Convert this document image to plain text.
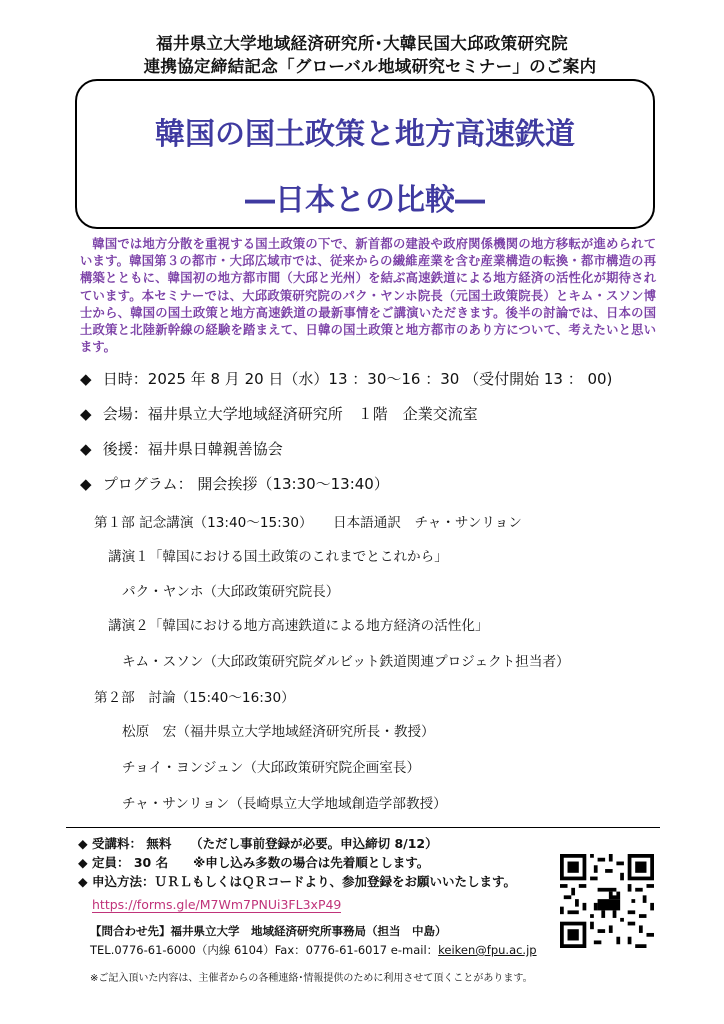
福井県立大学地域経済研究所･大韓民国大邱政策研究院
連携協定締結記念「グローバル地域研究セミナー」のご案内
韓国の国土政策と地方高速鉄道
―日本との比較―
韓国では地方分散を重視する国土政策の下で、新首都の建設や政府関係機関の地方移転が進められています。韓国第３の都市・大邱広域市では、従来からの繊維産業を含む産業構造の転換・都市構造の再構築とともに、韓国初の地方都市間（大邱と光州）を結ぶ高速鉄道による地方経済の活性化が期待されています。本セミナーでは、大邱政策研究院のパク・ヤンホ院長（元国土政策院長）とキム・スソン博士から、韓国の国土政策と地方高速鉄道の最新事情をご講演いただきます。後半の討論では、日本の国土政策と北陸新幹線の経験を踏まえて、日韓の国土政策と地方都市のあり方について、考えたいと思います。
◆ 日時：2025 年 8 月 20 日（水）13 ：30～16 ：30 （受付開始 13 ： 00)
◆ 会場：福井県立大学地域経済研究所　１階　企業交流室
◆ 後援：福井県日韓親善協会
◆ プログラム： 開会挨拶（13:30～13:40）
第１部 記念講演（13:40～15:30）　　日本語通訳　チャ・サンリョン
講演１「韓国における国土政策のこれまでとこれから」
パク・ヤンホ（大邱政策研究院長）
講演２「韓国における地方高速鉄道による地方経済の活性化」
キム・スソン（大邱政策研究院ダルビット鉄道関連プロジェクト担当者）
第２部　討論（15:40～16:30）
松原　宏（福井県立大学地域経済研究所長・教授）
チョイ・ヨンジュン（大邱政策研究院企画室長）
チャ・サンリョン（長崎県立大学地域創造学部教授）
◆ 受講料： 無料　　（ただし事前登録が必要。申込締切 8/12）
◆ 定員： 30 名　　※申し込み多数の場合は先着順とします。
◆ 申込方法：ＵＲＬもしくはＱＲコードより、参加登録をお願いいたします。
https://forms.gle/M7Wm7PNUi3FL3xP49
【問合わせ先】福井県立大学　地域経済研究所事務局（担当　中島）
TEL.0776-61-6000（内線 6104）Fax：0776-61-6017 e-mail：keiken@fpu.ac.jp
※ご記入頂いた内容は、主催者からの各種連絡･情報提供のために利用させて頂くことがあります。
